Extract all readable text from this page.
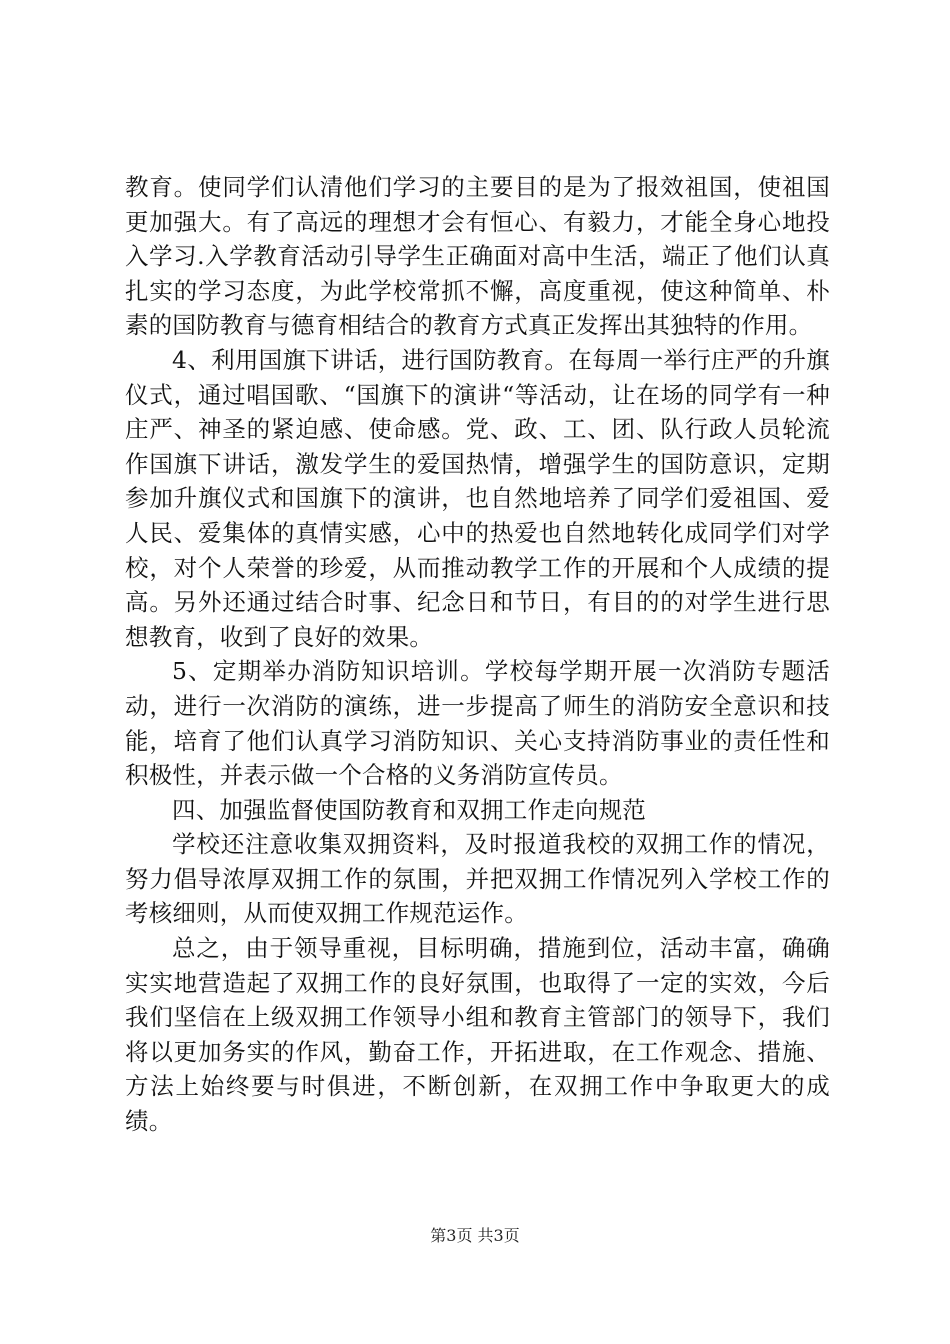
教育。使同学们认清他们学习的主要目的是为了报效祖国，使祖国更加强大。有了高远的理想才会有恒心、有毅力，才能全身心地投入学习.入学教育活动引导学生正确面对高中生活，端正了他们认真扎实的学习态度，为此学校常抓不懈，高度重视，使这种简单、朴素的国防教育与德育相结合的教育方式真正发挥出其独特的作用。

4、利用国旗下讲话，进行国防教育。在每周一举行庄严的升旗仪式，通过唱国歌、“国旗下的演讲“等活动，让在场的同学有一种庄严、神圣的紧迫感、使命感。党、政、工、团、队行政人员轮流作国旗下讲话，激发学生的爱国热情，增强学生的国防意识，定期参加升旗仪式和国旗下的演讲，也自然地培养了同学们爱祖国、爱人民、爱集体的真情实感，心中的热爱也自然地转化成同学们对学校，对个人荣誉的珍爱，从而推动教学工作的开展和个人成绩的提高。另外还通过结合时事、纪念日和节日，有目的的对学生进行思想教育，收到了良好的效果。

5、定期举办消防知识培训。学校每学期开展一次消防专题活动，进行一次消防的演练，进一步提高了师生的消防安全意识和技能，培育了他们认真学习消防知识、关心支持消防事业的责任性和积极性，并表示做一个合格的义务消防宣传员。

四、加强监督使国防教育和双拥工作走向规范

学校还注意收集双拥资料，及时报道我校的双拥工作的情况，努力倡导浓厚双拥工作的氛围，并把双拥工作情况列入学校工作的考核细则，从而使双拥工作规范运作。

总之，由于领导重视，目标明确，措施到位，活动丰富，确确实实地营造起了双拥工作的良好氛围，也取得了一定的实效，今后我们坚信在上级双拥工作领导小组和教育主管部门的领导下，我们将以更加务实的作风，勤奋工作，开拓进取，在工作观念、措施、方法上始终要与时俱进，不断创新，在双拥工作中争取更大的成绩。

第3页 共3页
